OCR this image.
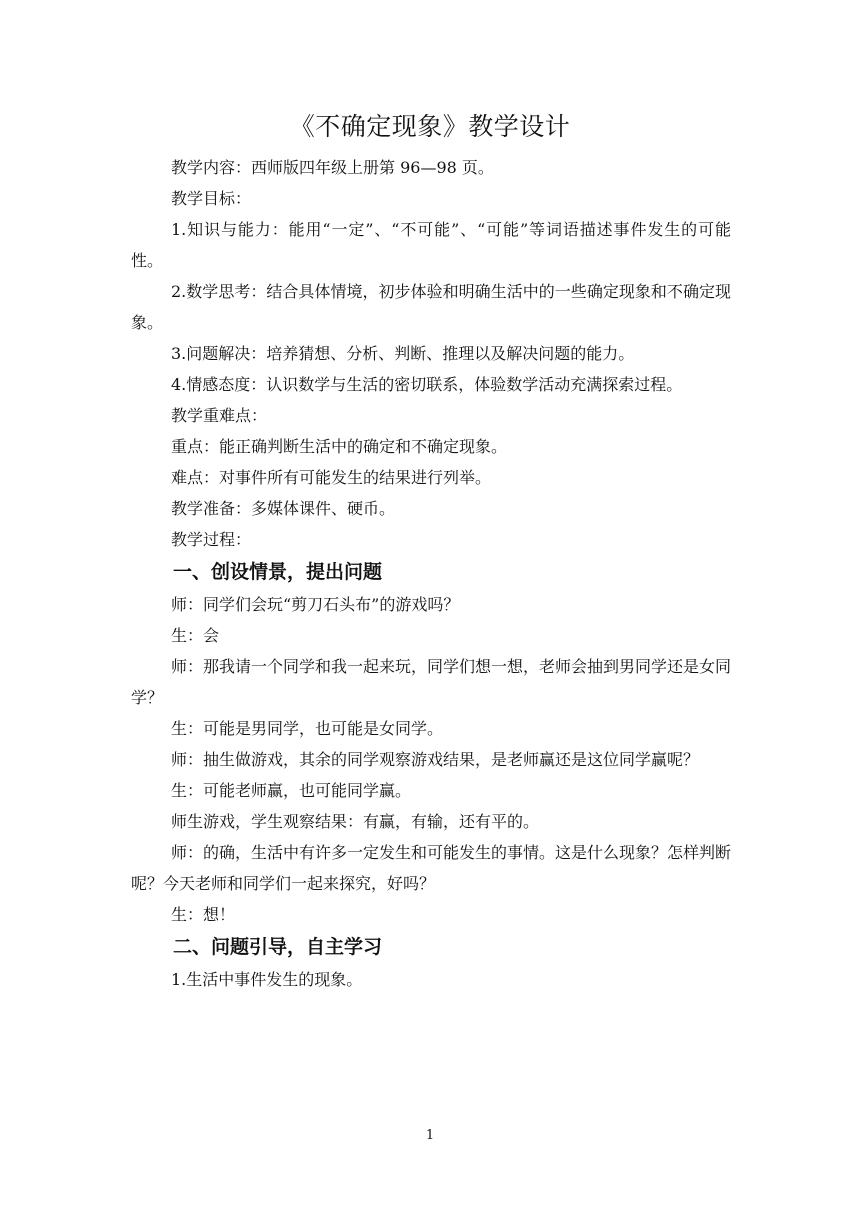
《不确定现象》教学设计

教学内容：西师版四年级上册第 96—98 页。

教学目标：

1.知识与能力：能用“一定”、“不可能”、“可能”等词语描述事件发生的可能性。

2.数学思考：结合具体情境，初步体验和明确生活中的一些确定现象和不确定现象。

3.问题解决：培养猜想、分析、判断、推理以及解决问题的能力。

4.情感态度：认识数学与生活的密切联系，体验数学活动充满探索过程。

教学重难点：

重点：能正确判断生活中的确定和不确定现象。

难点：对事件所有可能发生的结果进行列举。

教学准备：多媒体课件、硬币。

教学过程：

一、创设情景，提出问题

师：同学们会玩“剪刀石头布”的游戏吗？

生：会

师：那我请一个同学和我一起来玩，同学们想一想，老师会抽到男同学还是女同学？

生：可能是男同学，也可能是女同学。

师：抽生做游戏，其余的同学观察游戏结果，是老师赢还是这位同学赢呢？

生：可能老师赢，也可能同学赢。

师生游戏，学生观察结果：有赢，有输，还有平的。

师：的确，生活中有许多一定发生和可能发生的事情。这是什么现象？怎样判断呢？今天老师和同学们一起来探究，好吗？

生：想！

二、问题引导，自主学习

1.生活中事件发生的现象。

1
